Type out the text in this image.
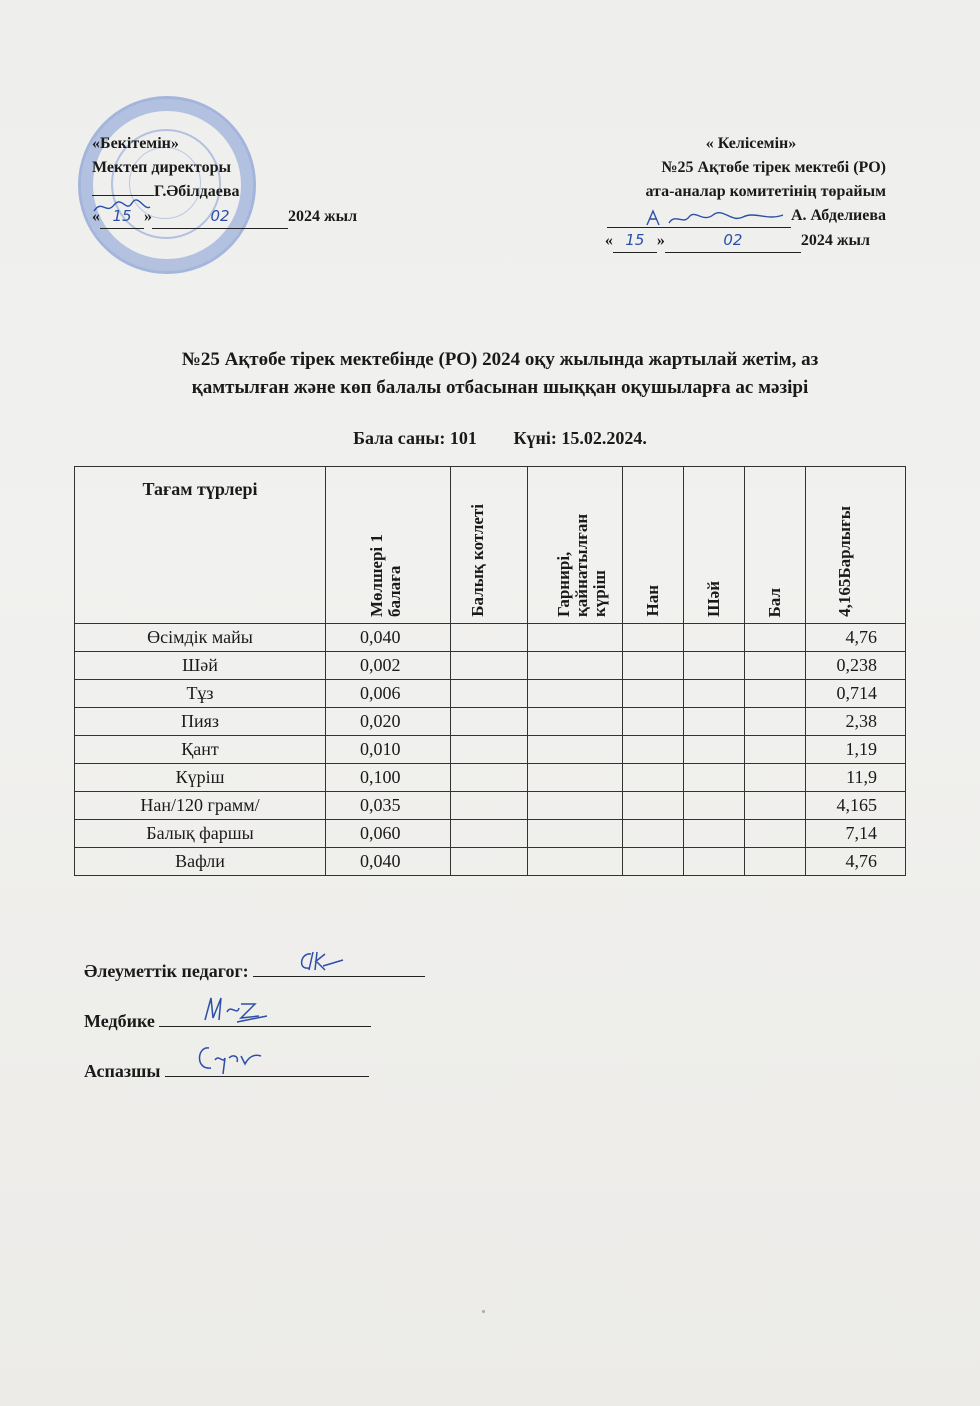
«Бекітемін»
Мектеп директоры
Г.Әбілдаева
« 15 »	02	2024 жыл
« Келісемін»
№25 Ақтөбе тірек мектебі (РО)
ата-аналар комитетінің төрайым
А. Абделиева
« 15 »	02	2024 жыл
№25 Ақтөбе тірек мектебінде (РО) 2024 оқу жылында жартылай жетім, аз
қамтылған және көп балалы отбасынан шыққан оқушыларға ас мәзірі
Бала саны: 101 Күні: 15.02.2024.
Тағам түрлері	Мөлшері 1 балаға	Балық котлеті	Гарнирі, қайнатылған күріш	Нан	Шәй	Бал	4,165Барлығы

Өсімдік майы	0,040						4,76
Шәй	0,002						0,238
Тұз	0,006						0,714
Пияз	0,020						2,38
Қант	0,010						1,19
Күріш	0,100						11,9
Нан/120 грамм/	0,035						4,165
Балық фаршы	0,060						7,14
Вафли	0,040						4,76
Әлеуметтік педагог:
Медбике
Аспазшы
